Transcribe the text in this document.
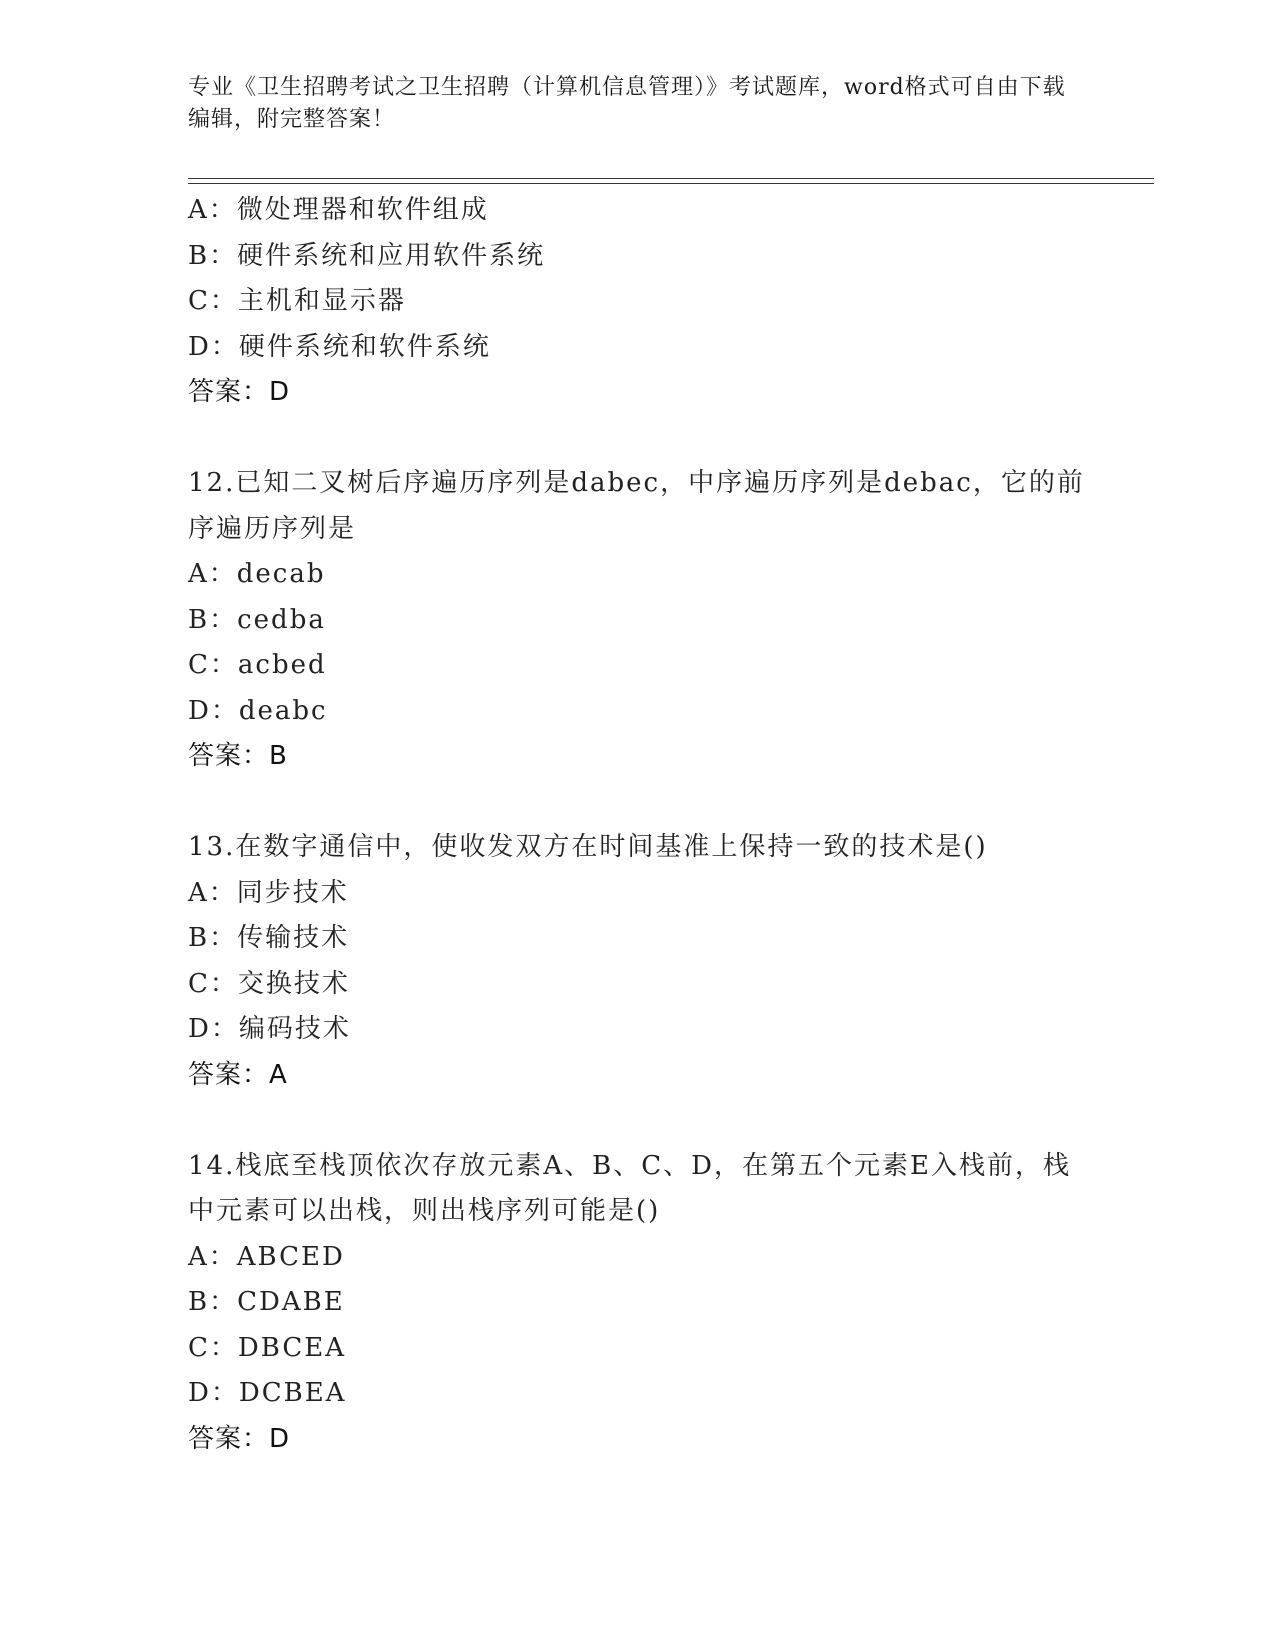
专业《卫生招聘考试之卫生招聘（计算机信息管理）》考试题库，word格式可自由下载编辑，附完整答案！
A：微处理器和软件组成
B：硬件系统和应用软件系统
C：主机和显示器
D：硬件系统和软件系统
答案：D
12.已知二叉树后序遍历序列是dabec，中序遍历序列是debac，它的前序遍历序列是
A：decab
B：cedba
C：acbed
D：deabc
答案：B
13.在数字通信中，使收发双方在时间基准上保持一致的技术是()
A：同步技术
B：传输技术
C：交换技术
D：编码技术
答案：A
14.栈底至栈顶依次存放元素A、B、C、D，在第五个元素E入栈前，栈中元素可以出栈，则出栈序列可能是()
A：ABCED
B：CDABE
C：DBCEA
D：DCBEA
答案：D
